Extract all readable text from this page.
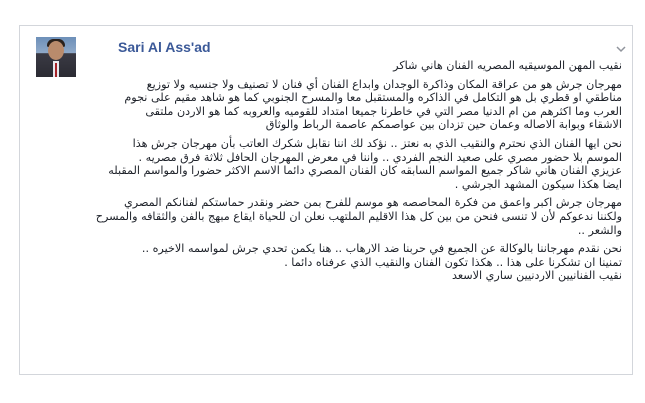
Sari Al Ass'ad
نقيب المهن الموسيقيه المصريه الفنان هاني شاكر
مهرجان جرش هو من عراقة المكان وذاكرة الوجدان وابداع الفنان أي فنان لا تصنيف ولا جنسيه ولا توزيع
مناطقي او قطري بل هو التكامل في الذاكره والمستقبل معا والمسرح الجنوبي كما هو شاهد مقيم على نجوم
العرب وما اكثرهم من ام الدنيا مصر التي في خاطرنا جميعا امتداد للقوميه والعروبه كما هو الاردن ملتقى
الاشقاء وبوابة الاصاله وعمان حين تزدان بين عواصمكم عاصمة الرباط والوثاق
نحن ايها الفنان الذي نحترم والنقيب الذي به نعتز .. نؤكد لك اننا نقابل شكرك العاتب بأن مهرجان جرش هذا
الموسم بلا حضور مصري على صعيد النجم الفردي .. واننا في معرض المهرجان الحافل ثلاثة فرق مصريه .
عزيزي الفنان هاني شاكر جميع المواسم السابقه كان الفنان المصري دائما الاسم الاكثر حضورا والمواسم المقبله
ايضا هكذا سيكون المشهد الجرشي .
مهرجان جرش اكبر واعمق من فكرة المحاصصه هو موسم للفرح بمن حضر ونقدر حماستكم لفنانكم المصري
ولكننا ندعوكم لأن لا تنسى فنحن من بين كل هذا الاقليم الملتهب نعلن ان للحياة ايقاع مبهج بالفن والثقافه والمسرح
والشعر ..
نحن نقدم مهرجاننا بالوكالة عن الجميع في حربنا ضد الارهاب .. هنا يكمن تحدي جرش لمواسمه الاخيره ..
تمنينا ان تشكرنا على هذا .. هكذا تكون الفنان والنقيب الذي عرفناه دائما .
نقيب الفنانيين الاردنيين ساري الاسعد
